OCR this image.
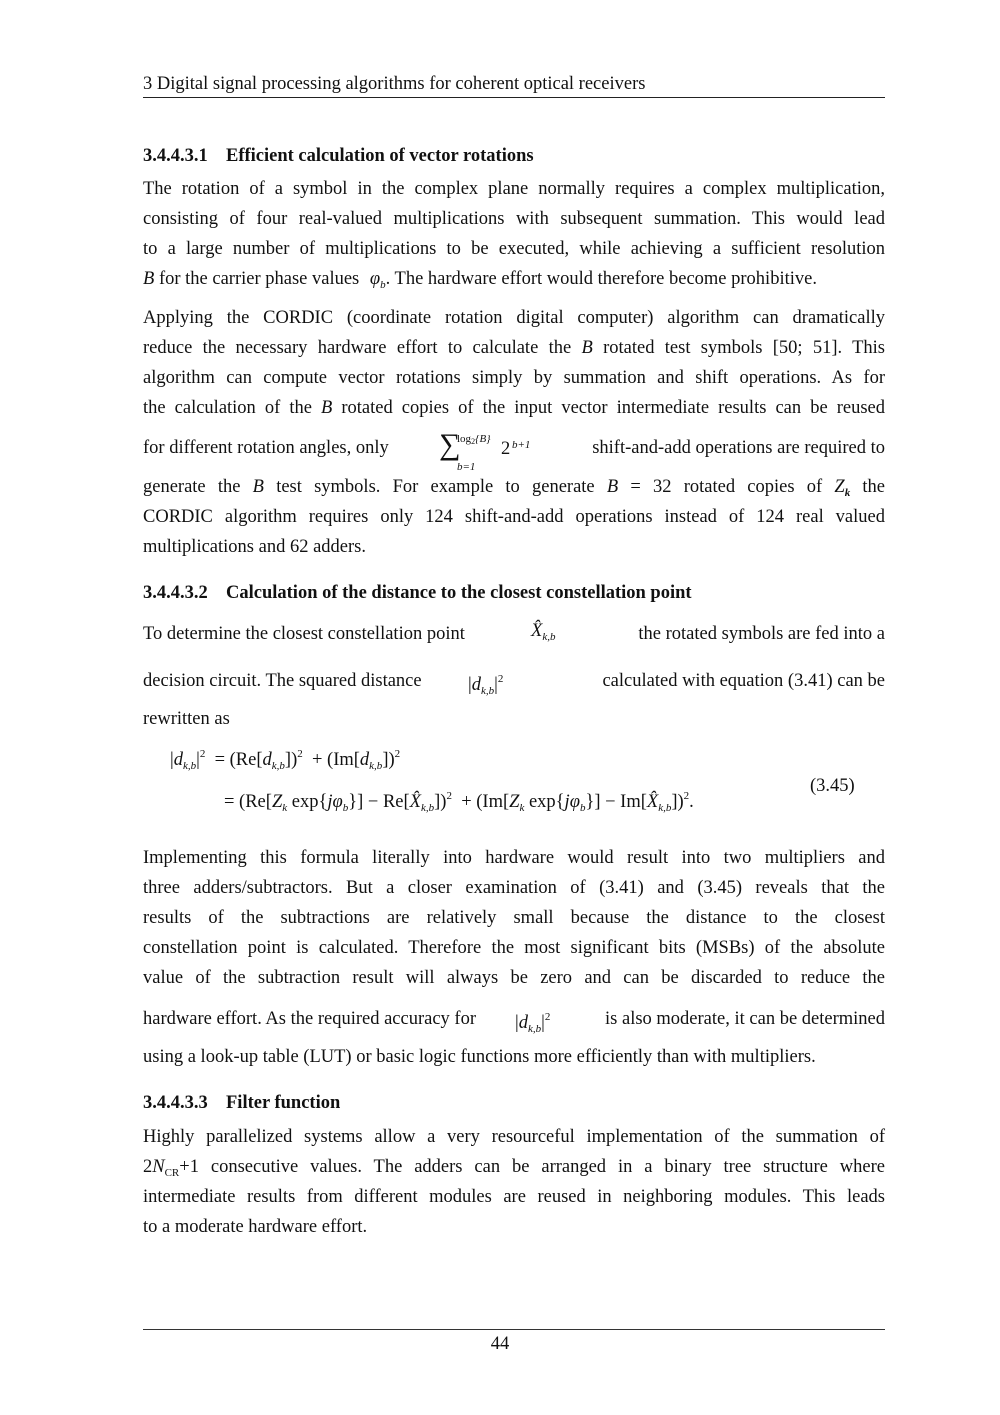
3 Digital signal processing algorithms for coherent optical receivers
3.4.4.3.1 Efficient calculation of vector rotations
The rotation of a symbol in the complex plane normally requires a complex multiplication,
consisting of four real-valued multiplications with subsequent summation. This would lead
to a large number of multiplications to be executed, while achieving a sufficient resolution
B for the carrier phase values $\varphi_b$. The hardware effort would therefore become prohibitive.
Applying the CORDIC (coordinate rotation digital computer) algorithm can dramatically
reduce the necessary hardware effort to calculate the B rotated test symbols [50; 51]. This
algorithm can compute vector rotations simply by summation and shift operations. As for
the calculation of the B rotated copies of the input vector intermediate results can be reused
for different rotation angles, only ∑
log2{B}
b=1
2 b+1	shift-and-add operations are required to
generate the B test symbols. For example to generate B = 32 rotated copies of $Z_k$ the
CORDIC algorithm requires only 124 shift-and-add operations instead of 124 real valued
multiplications and 62 adders.
3.4.4.3.2 Calculation of the distance to the closest constellation point
To determine the closest constellation point	$X̂_{k,b}$	the rotated symbols are fed into a
decision circuit. The squared distance	$|d_{k,b}|^2$	calculated with equation (3.41) can be
rewritten as
$|d_{k,b}|^2 = (Re[d_{k,b}])^2 + (Im[d_{k,b}])^2$
= ($Re[Z_k$ $\exp\{j\varphi_b\}$] − $Re[X̂_{k,b}])^2 + (Im[Z_k$ $\exp\{j\varphi_b\}$] − $Im[X̂_{k,b}])^2$.
(3.45)
Implementing this formula literally into hardware would result into two multipliers and
three adders/subtractors. But a closer examination of (3.41) and (3.45) reveals that the
results of the subtractions are relatively small because the distance to the closest
constellation point is calculated. Therefore the most significant bits (MSBs) of the absolute
value of the subtraction result will always be zero and can be discarded to reduce the
hardware effort. As the required accuracy for $|d_{k,b}|^2$	is also moderate, it can be determined
using a look-up table (LUT) or basic logic functions more efficiently than with multipliers.
3.4.4.3.3 Filter function
Highly parallelized systems allow a very resourceful implementation of the summation of
$2N_{CR}+1$ consecutive values. The adders can be arranged in a binary tree structure where
intermediate results from different modules are reused in neighboring modules. This leads
to a moderate hardware effort.
44
